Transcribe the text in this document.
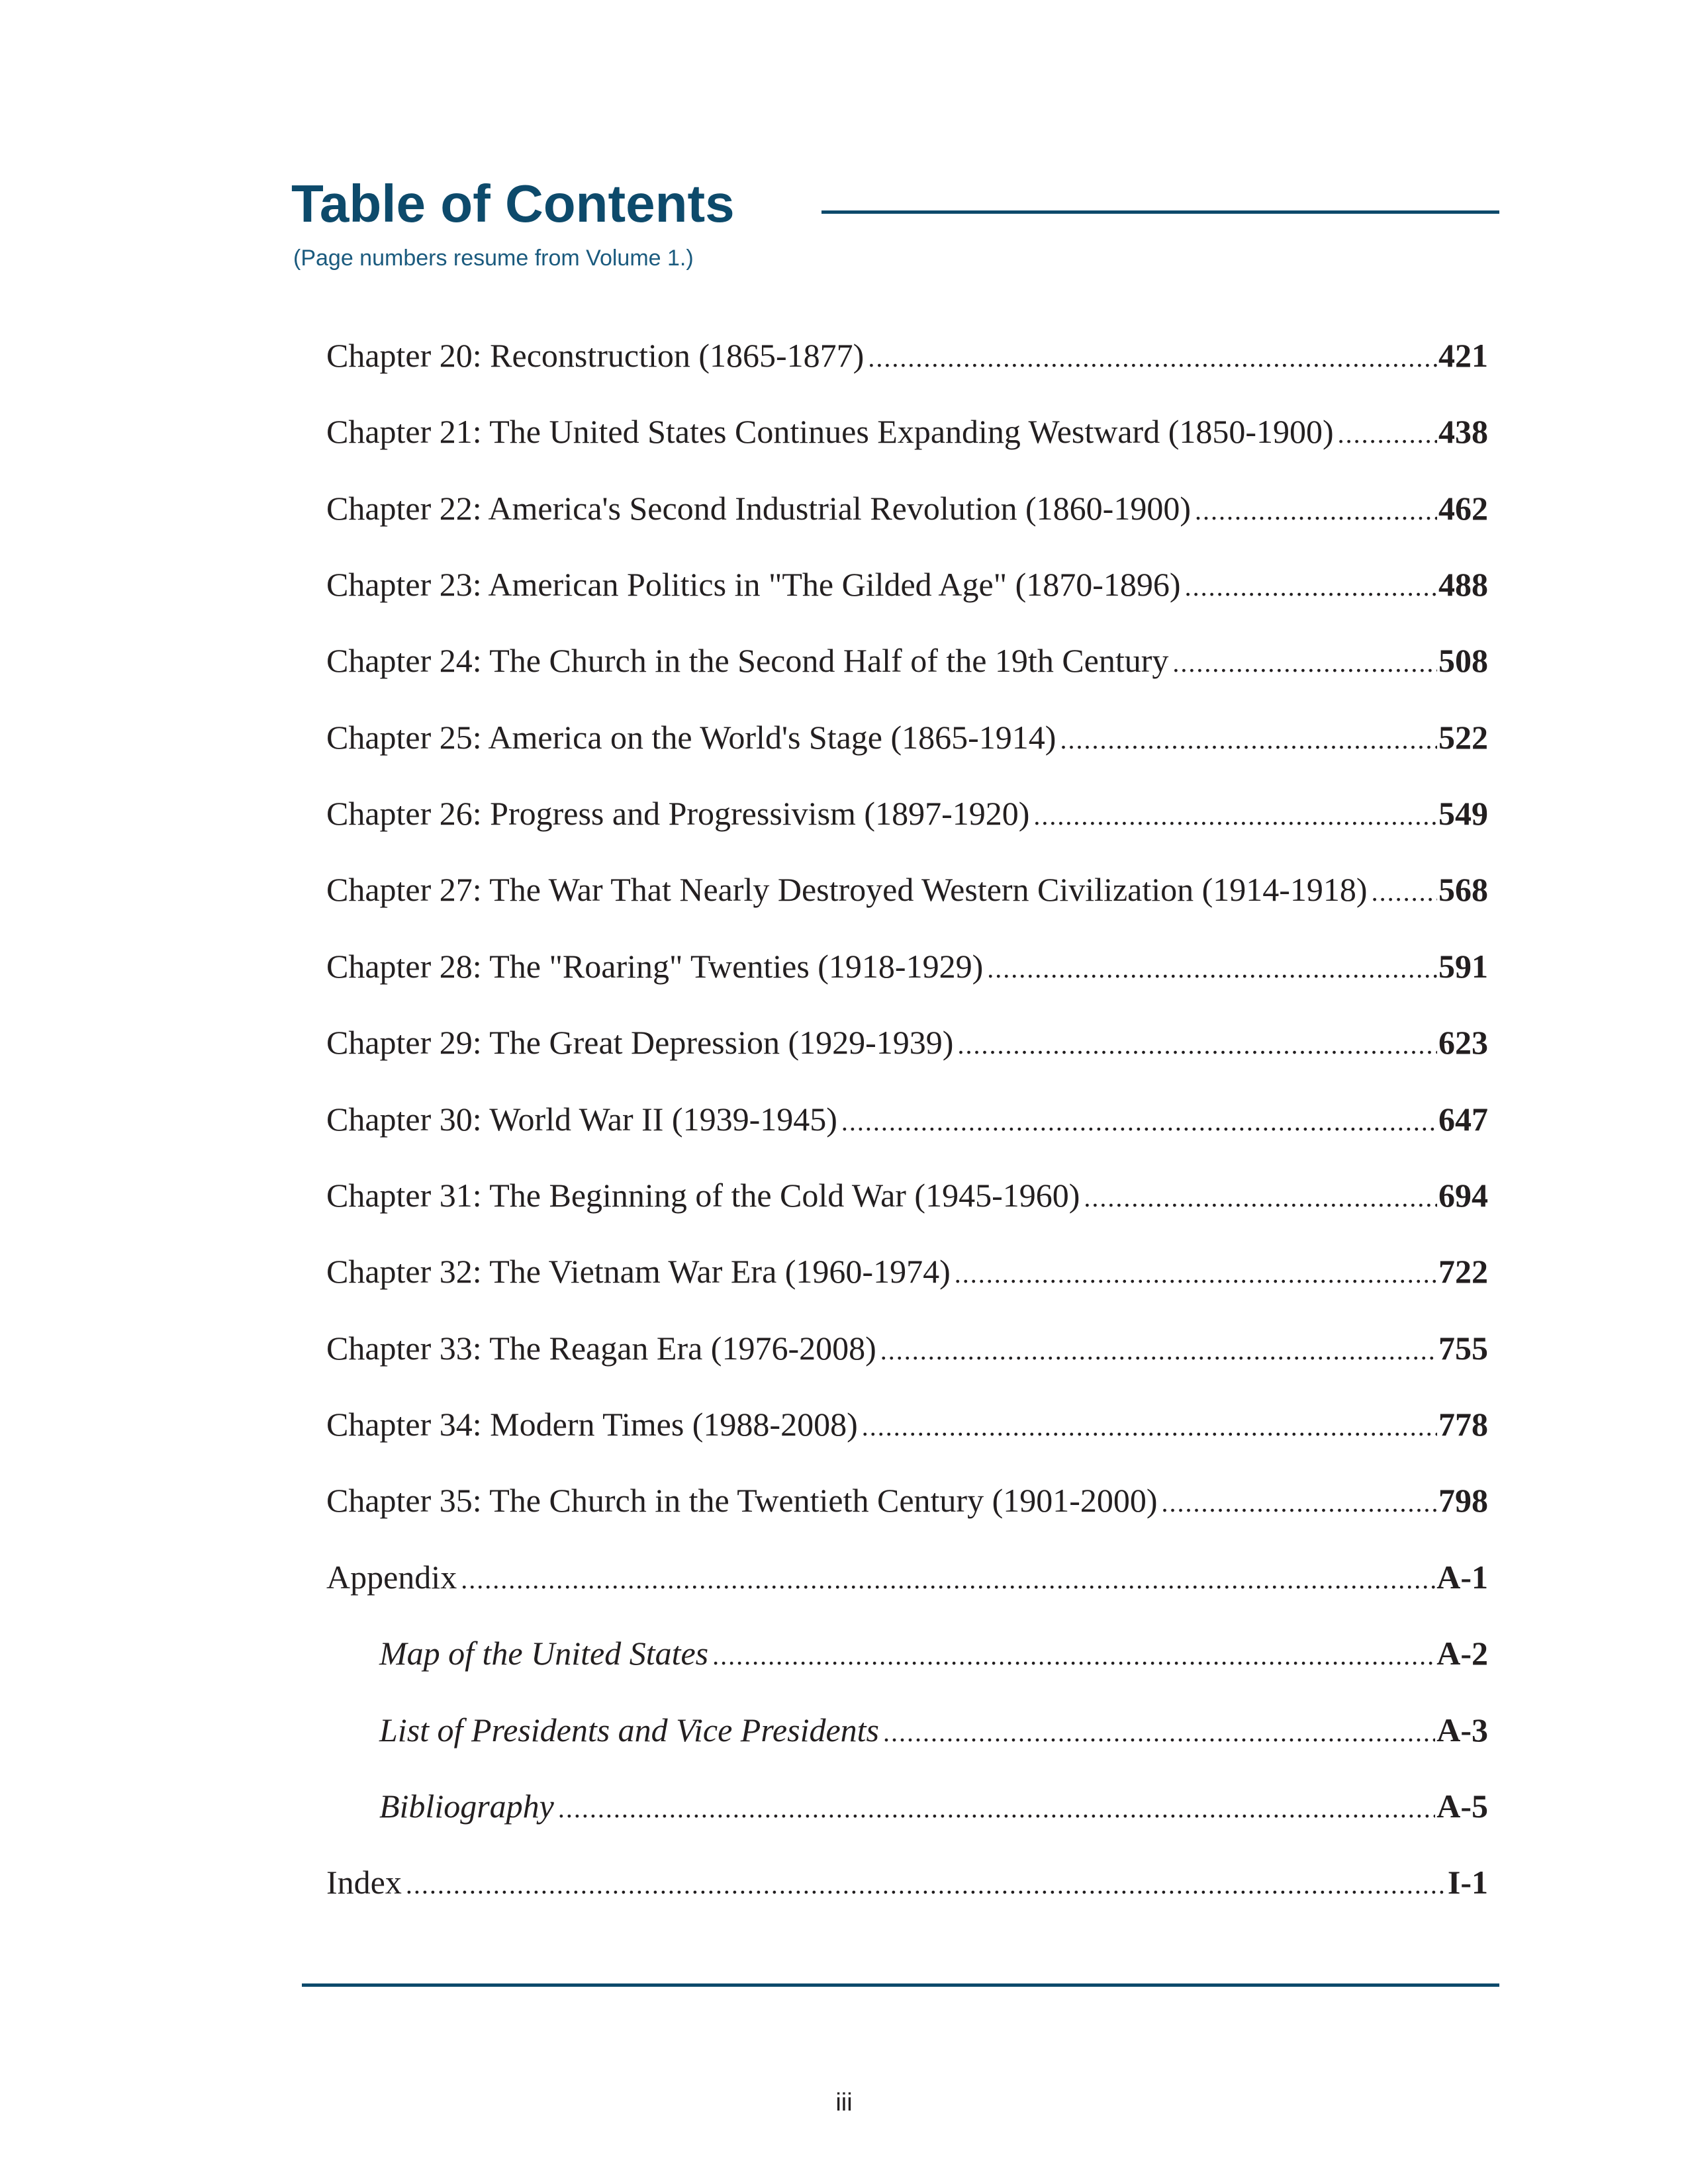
Table of Contents
(Page numbers resume from Volume 1.)
Chapter 20: Reconstruction (1865-1877) .....	421
Chapter 21: The United States Continues Expanding Westward (1850-1900) .....	438
Chapter 22: America's Second Industrial Revolution (1860-1900) .....	462
Chapter 23: American Politics in "The Gilded Age" (1870-1896) .....	488
Chapter 24: The Church in the Second Half of the 19th Century .....	508
Chapter 25: America on the World's Stage (1865-1914) .....	522
Chapter 26: Progress and Progressivism (1897-1920) .....	549
Chapter 27: The War That Nearly Destroyed Western Civilization (1914-1918) ..... 568
Chapter 28: The "Roaring" Twenties (1918-1929) .....	591
Chapter 29: The Great Depression (1929-1939) .....	623
Chapter 30: World War II (1939-1945) .....	647
Chapter 31: The Beginning of the Cold War (1945-1960) .....	694
Chapter 32: The Vietnam War Era (1960-1974) .....	722
Chapter 33: The Reagan Era (1976-2008) .....	755
Chapter 34: Modern Times (1988-2008) .....	778
Chapter 35: The Church in the Twentieth Century (1901-2000) .....	798
Appendix .....	A-1
Map of the United States .....	A-2
List of Presidents and Vice Presidents .....	A-3
Bibliography .....	A-5
Index .....	I-1
iii
